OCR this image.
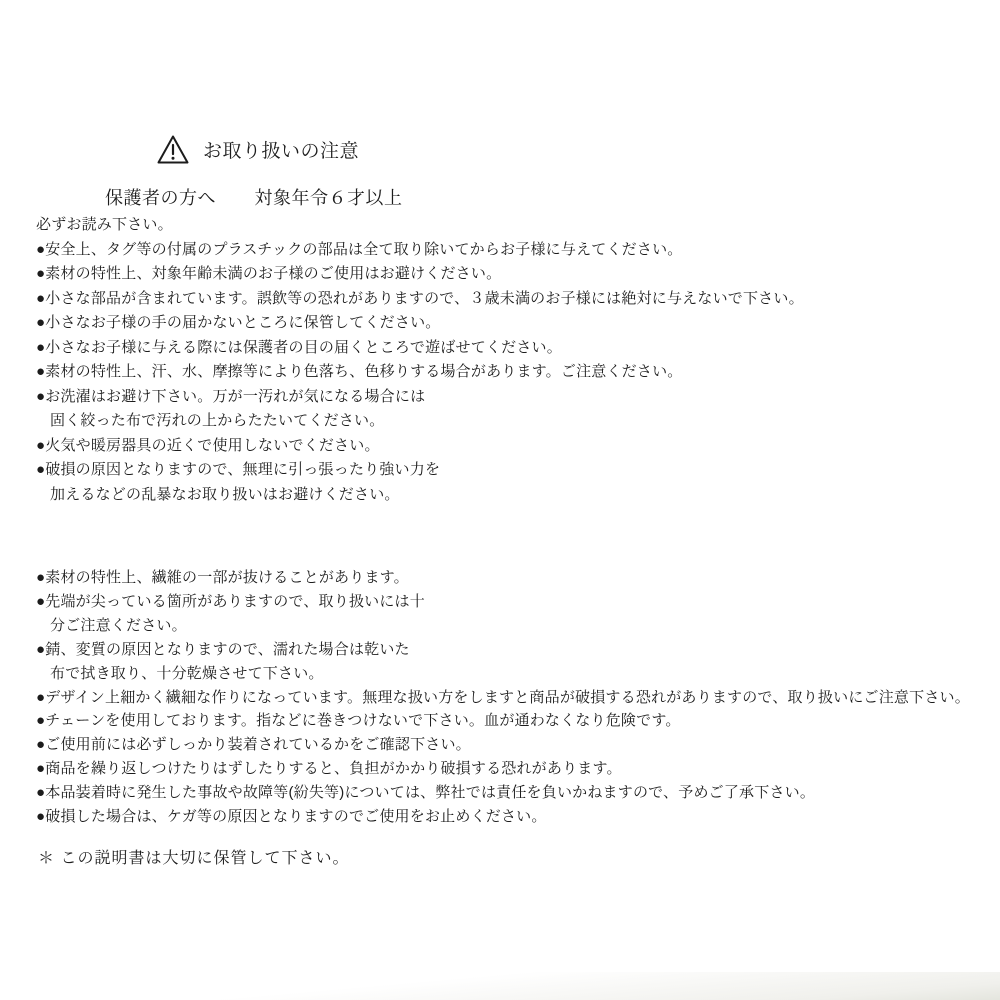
お取り扱いの注意
保護者の方へ 対象年令６才以上
必ずお読み下さい。
●安全上、タグ等の付属のプラスチックの部品は全て取り除いてからお子様に与えてください。
●素材の特性上、対象年齢未満のお子様のご使用はお避けください。
●小さな部品が含まれています。誤飲等の恐れがありますので、３歳未満のお子様には絶対に与えないで下さい。
●小さなお子様の手の届かないところに保管してください。
●小さなお子様に与える際には保護者の目の届くところで遊ばせてください。
●素材の特性上、汗、水、摩擦等により色落ち、色移りする場合があります。ご注意ください。
●お洗濯はお避け下さい。万が一汚れが気になる場合には
固く絞った布で汚れの上からたたいてください。
●火気や暖房器具の近くで使用しないでください。
●破損の原因となりますので、無理に引っ張ったり強い力を
加えるなどの乱暴なお取り扱いはお避けください。
●素材の特性上、繊維の一部が抜けることがあります。
●先端が尖っている箇所がありますので、取り扱いには十
分ご注意ください。
●錆、変質の原因となりますので、濡れた場合は乾いた
布で拭き取り、十分乾燥させて下さい。
●デザイン上細かく繊細な作りになっています。無理な扱い方をしますと商品が破損する恐れがありますので、取り扱いにご注意下さい。
●チェーンを使用しております。指などに巻きつけないで下さい。血が通わなくなり危険です。
●ご使用前には必ずしっかり装着されているかをご確認下さい。
●商品を繰り返しつけたりはずしたりすると、負担がかかり破損する恐れがあります。
●本品装着時に発生した事故や故障等(紛失等)については、弊社では責任を負いかねますので、予めご了承下さい。
●破損した場合は、ケガ等の原因となりますのでご使用をお止めください。
＊ この説明書は大切に保管して下さい。
